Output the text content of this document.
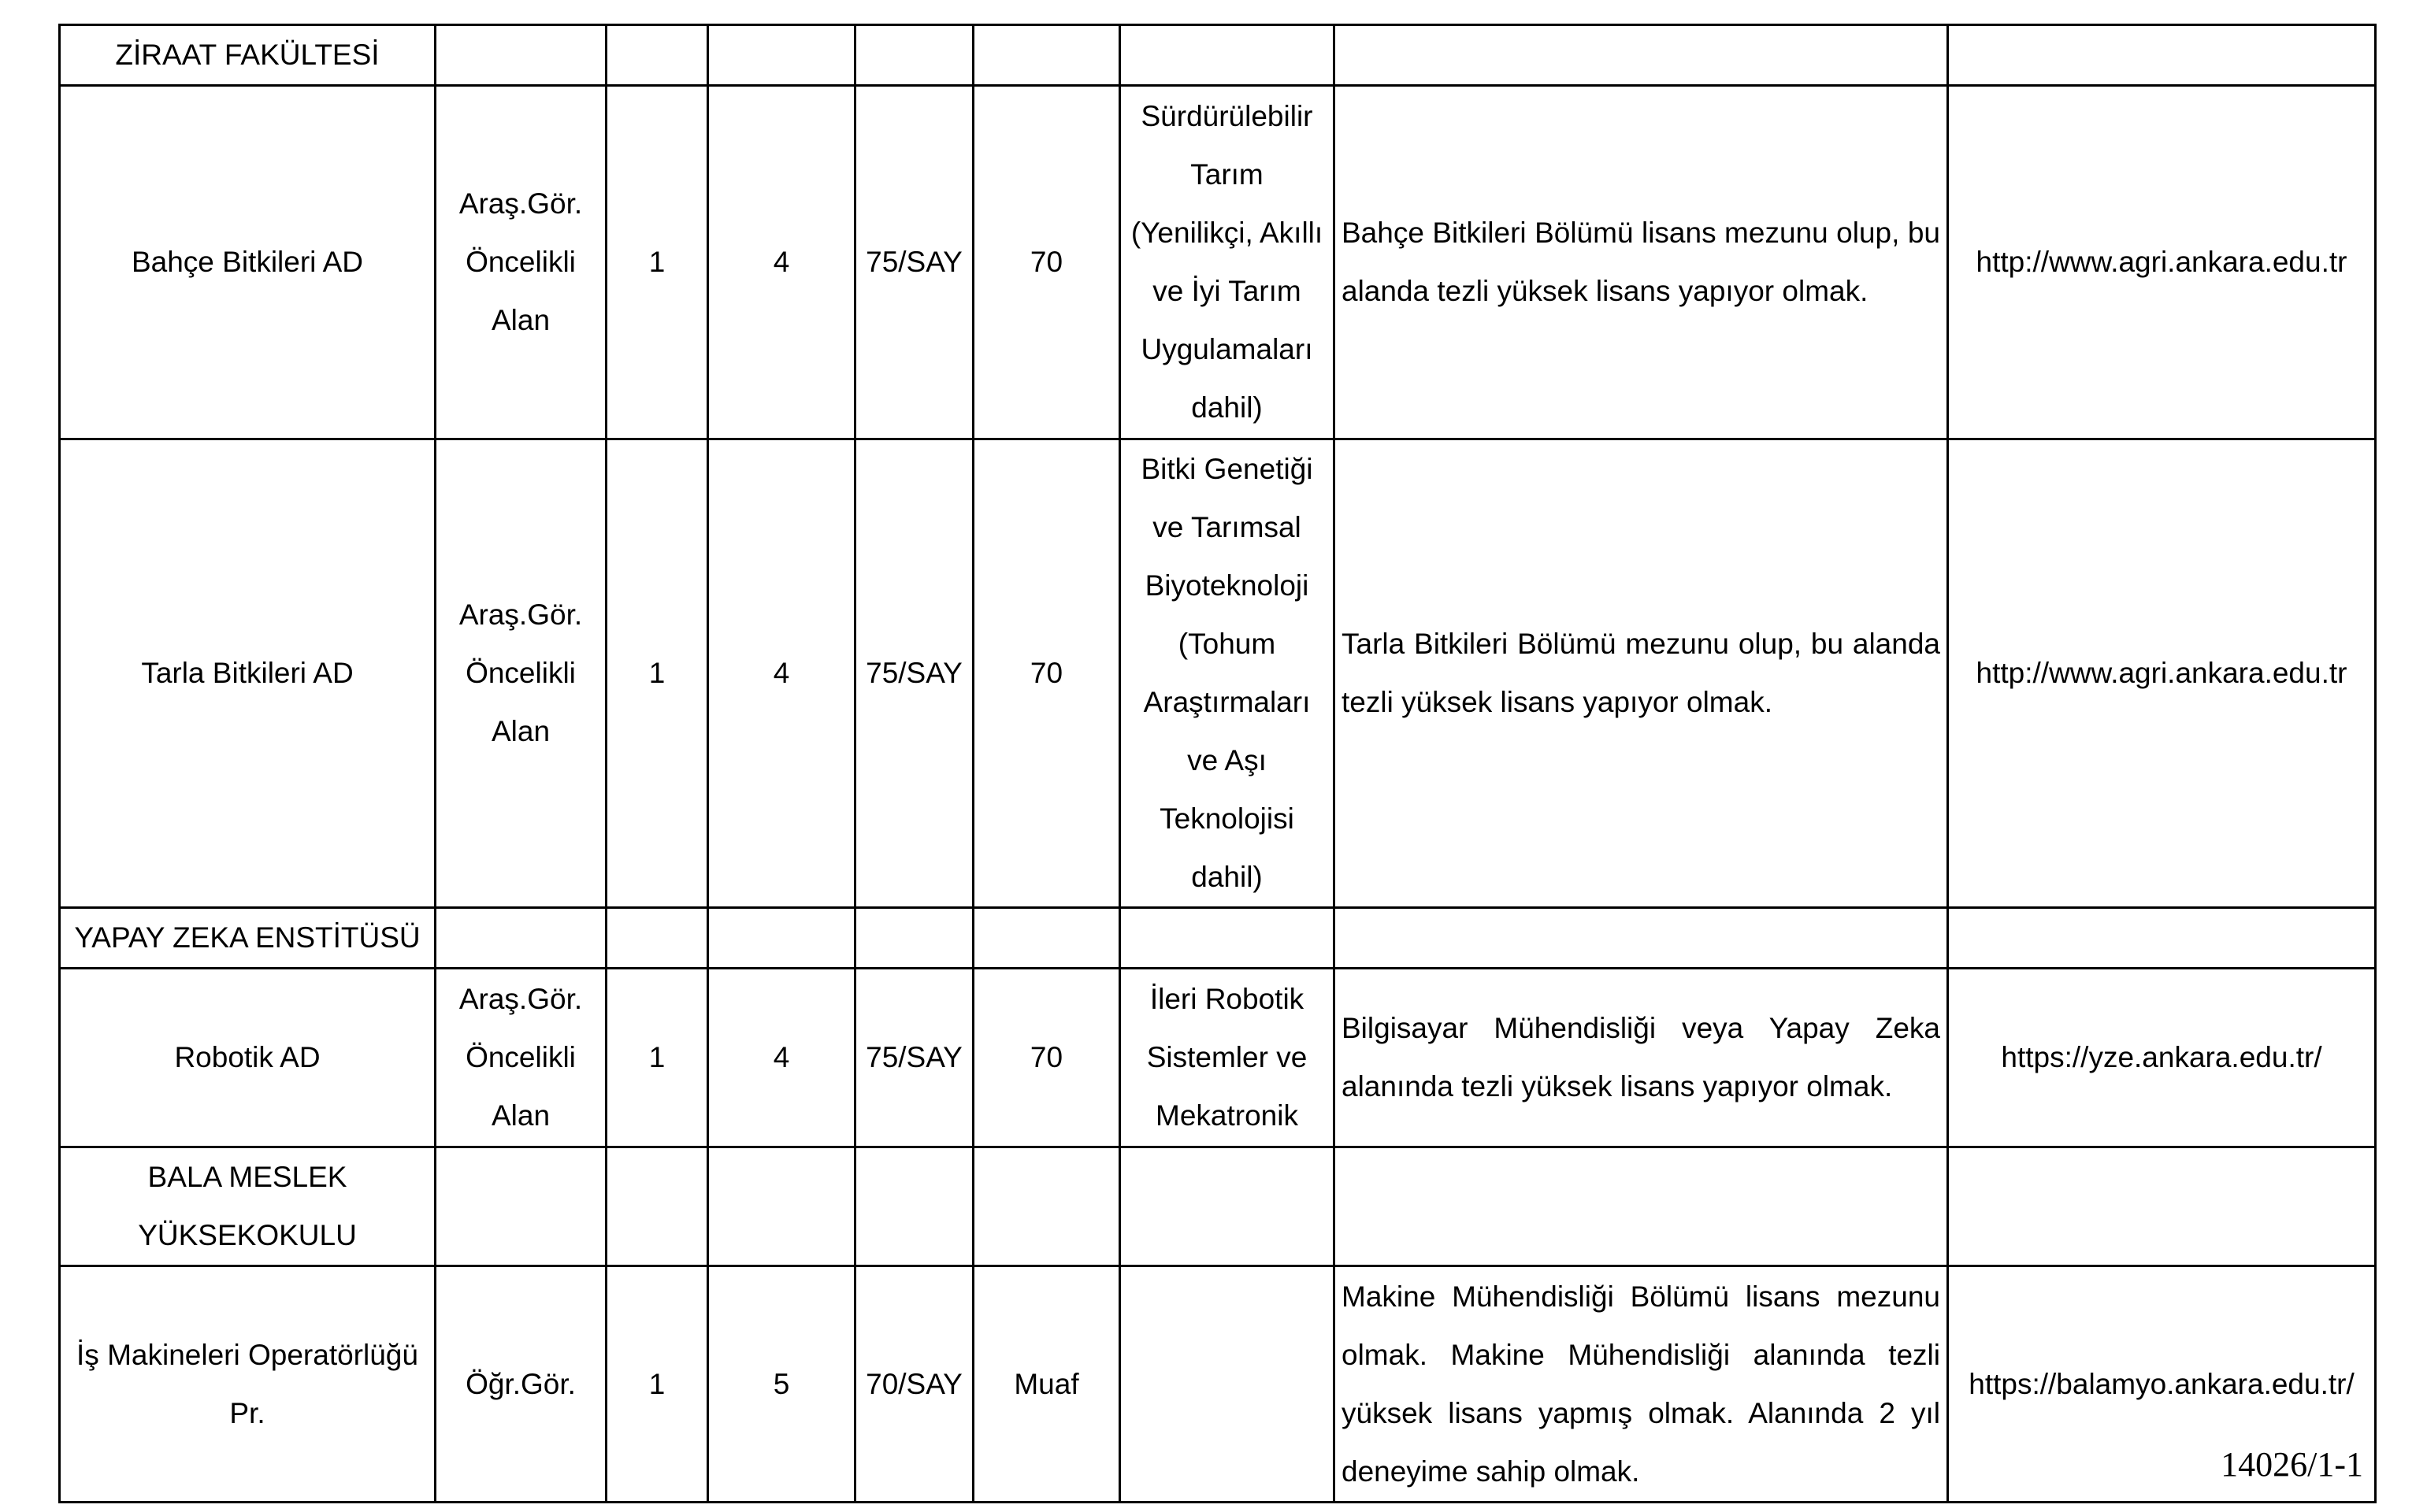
ZİRAAT FAKÜLTESİ								
Bahçe Bitkileri AD	Araş.Gör. Öncelikli Alan	1	4	75/SAY	70	Sürdürülebilir Tarım (Yenilikçi, Akıllı ve İyi Tarım Uygulamaları dahil)	Bahçe Bitkileri Bölümü lisans mezunu olup, bu alanda tezli yüksek lisans yapıyor olmak.	http://www.agri.ankara.edu.tr
Tarla Bitkileri AD	Araş.Gör. Öncelikli Alan	1	4	75/SAY	70	Bitki Genetiği ve Tarımsal Biyoteknoloji (Tohum Araştırmaları ve Aşı Teknolojisi dahil)	Tarla Bitkileri Bölümü mezunu olup, bu alanda tezli yüksek lisans yapıyor olmak.	http://www.agri.ankara.edu.tr
YAPAY ZEKA ENSTİTÜSÜ								
Robotik AD	Araş.Gör. Öncelikli Alan	1	4	75/SAY	70	İleri Robotik Sistemler ve Mekatronik	Bilgisayar Mühendisliği veya Yapay Zeka alanında tezli yüksek lisans yapıyor olmak.	https://yze.ankara.edu.tr/
BALA MESLEK YÜKSEKOKULU								
İş Makineleri Operatörlüğü Pr.	Öğr.Gör.	1	5	70/SAY	Muaf		Makine Mühendisliği Bölümü lisans mezunu olmak. Makine Mühendisliği alanında tezli yüksek lisans yapmış olmak. Alanında 2 yıl deneyime sahip olmak.	https://balamyo.ankara.edu.tr/
14026/1-1
